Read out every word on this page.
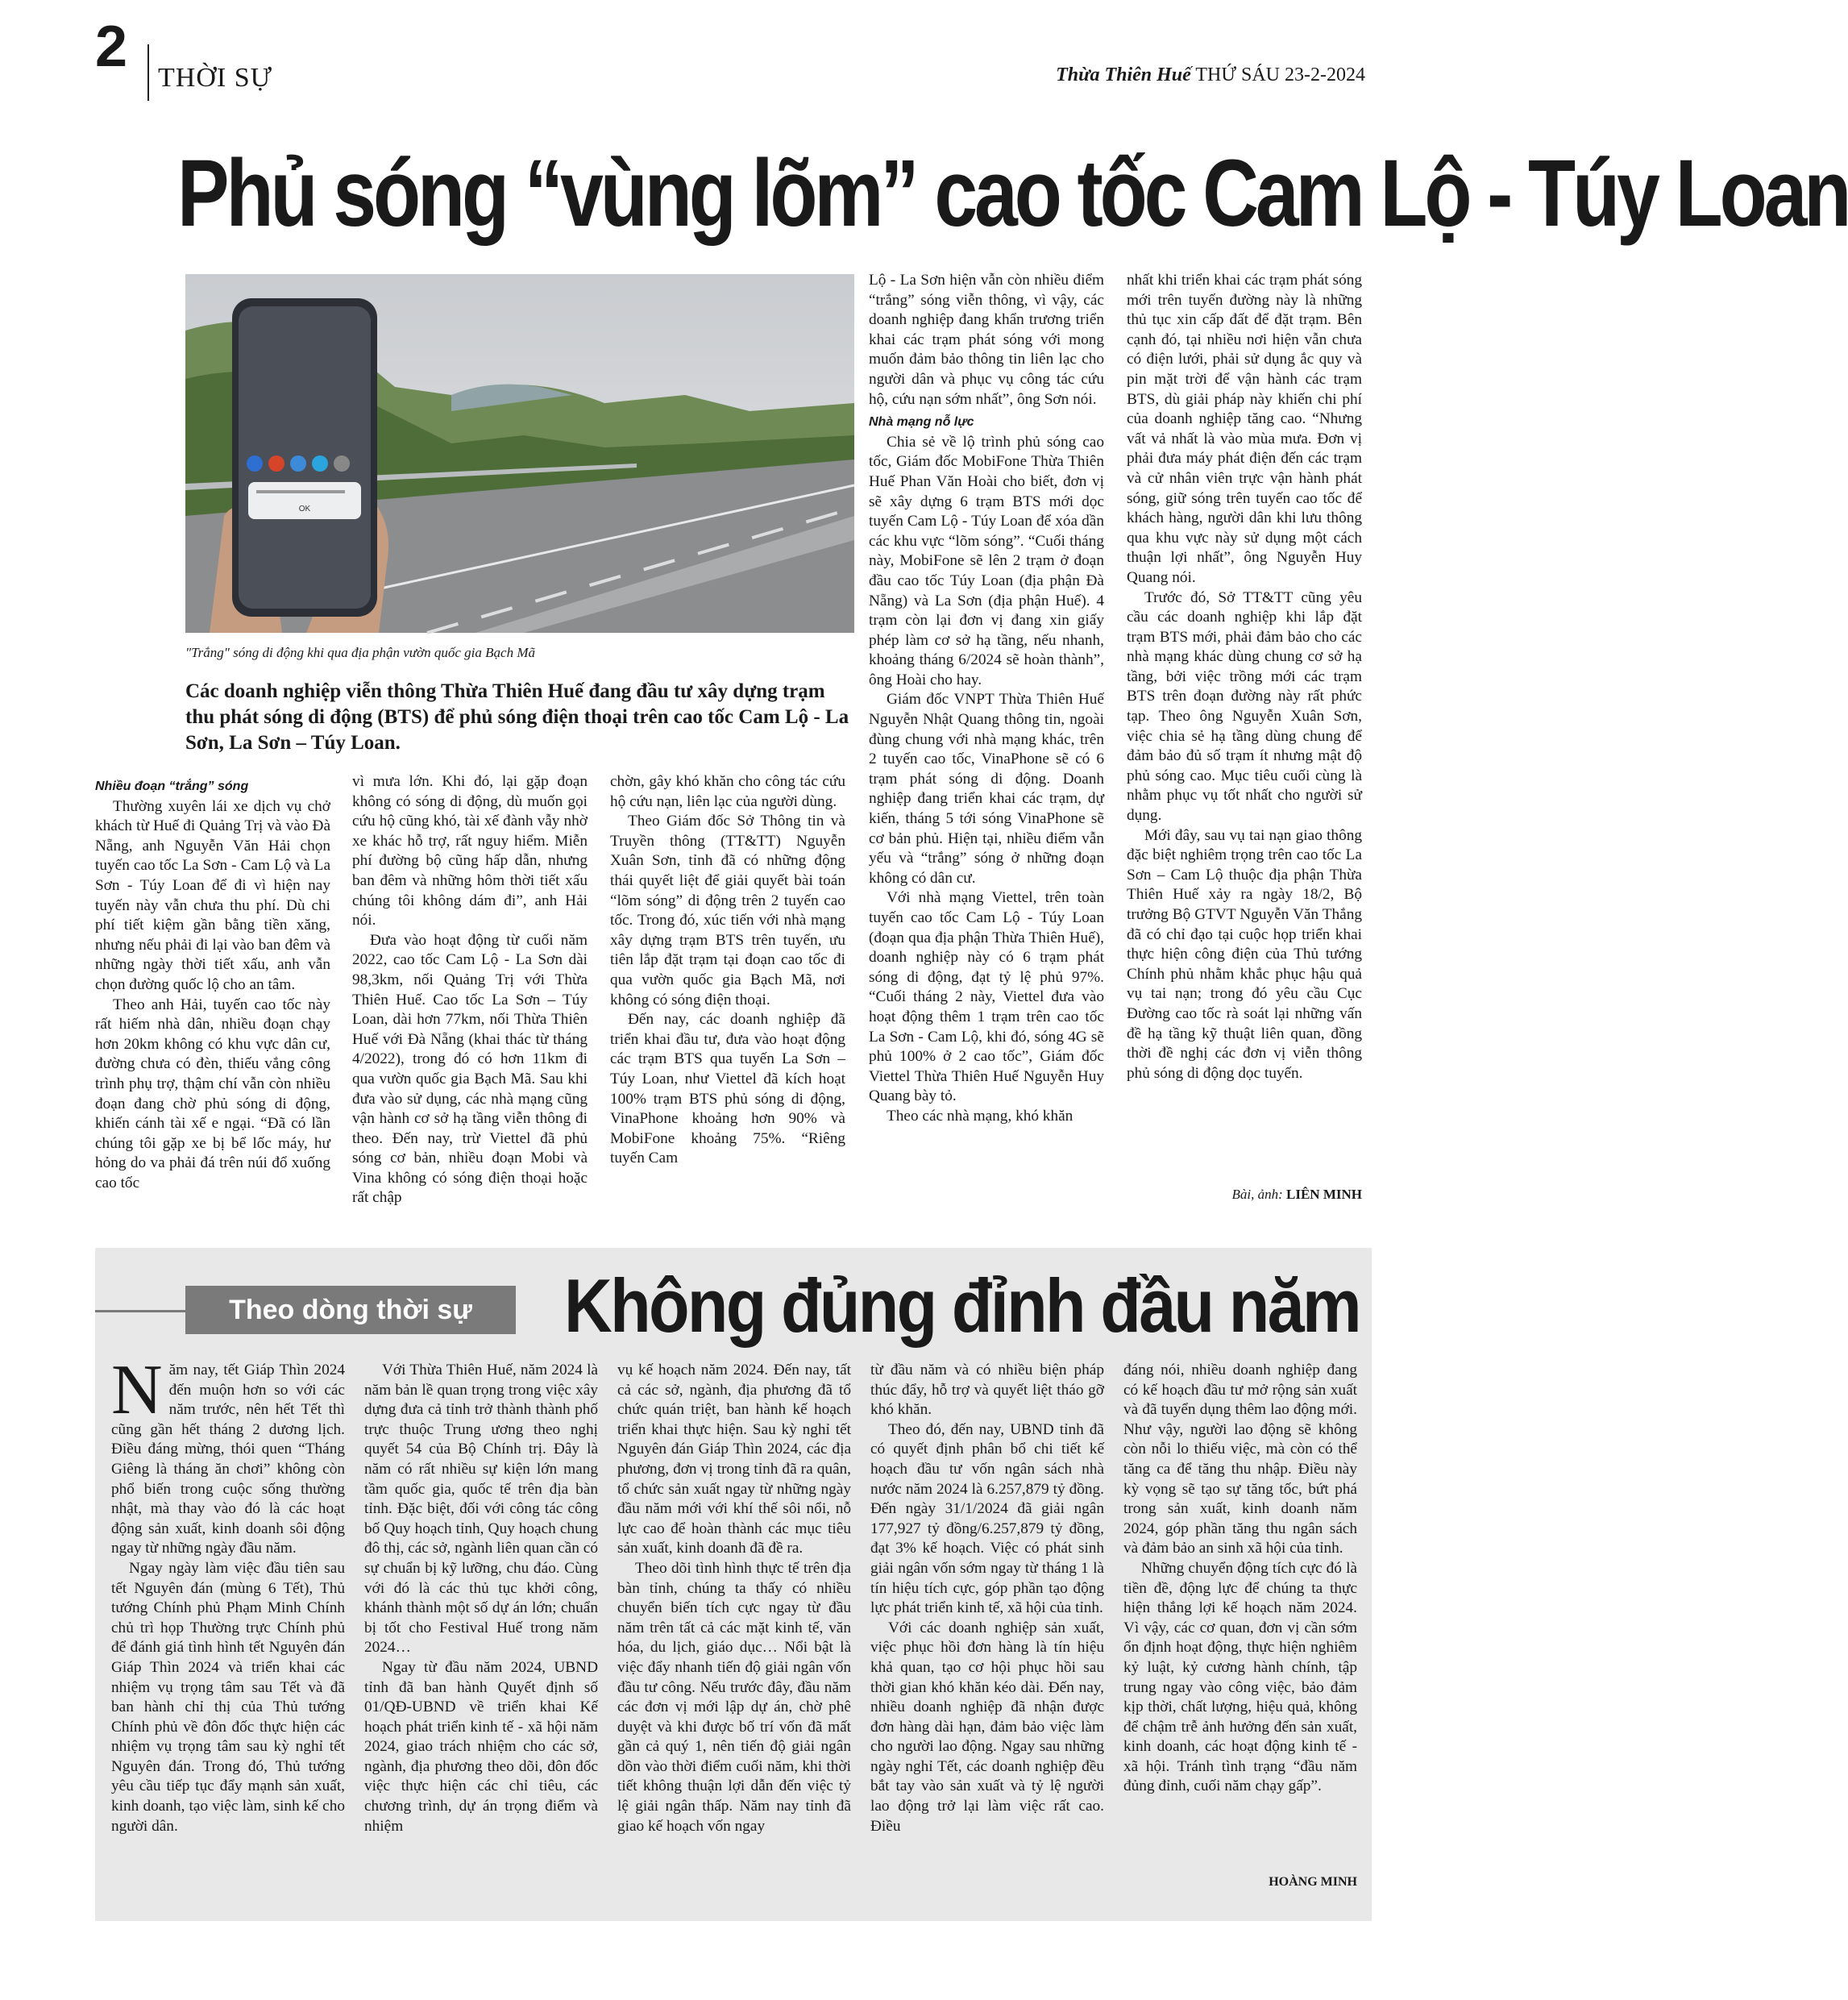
2 THỜI SỰ	Thừa Thiên Huế THỨ SÁU 23-2-2024
Phủ sóng “vùng lõm” cao tốc Cam Lộ - Túy Loan
OK
"Trắng" sóng di động khi qua địa phận vườn quốc gia Bạch Mã
Các doanh nghiệp viễn thông Thừa Thiên Huế đang đầu tư xây dựng trạm thu phát sóng di động (BTS) để phủ sóng điện thoại trên cao tốc Cam Lộ - La Sơn, La Sơn – Túy Loan.

Nhiều đoạn “trắng” sóng

Thường xuyên lái xe dịch vụ chở khách từ Huế đi Quảng Trị và vào Đà Nẵng, anh Nguyễn Văn Hải chọn tuyến cao tốc La Sơn - Cam Lộ và La Sơn - Túy Loan để đi vì hiện nay tuyến này vẫn chưa thu phí. Dù chi phí tiết kiệm gần bằng tiền xăng, nhưng nếu phải đi lại vào ban đêm và những ngày thời tiết xấu, anh vẫn chọn đường quốc lộ cho an tâm.

Theo anh Hải, tuyến cao tốc này rất hiếm nhà dân, nhiều đoạn chạy hơn 20km không có khu vực dân cư, đường chưa có đèn, thiếu vắng công trình phụ trợ, thậm chí vẫn còn nhiều đoạn đang chờ phủ sóng di động, khiến cánh tài xế e ngại. “Đã có lần chúng tôi gặp xe bị bể lốc máy, hư hỏng do va phải đá trên núi đổ xuống cao tốc

vì mưa lớn. Khi đó, lại gặp đoạn không có sóng di động, dù muốn gọi cứu hộ cũng khó, tài xế đành vẫy nhờ xe khác hỗ trợ, rất nguy hiểm. Miễn phí đường bộ cũng hấp dẫn, nhưng ban đêm và những hôm thời tiết xấu chúng tôi không dám đi”, anh Hải nói.

Đưa vào hoạt động từ cuối năm 2022, cao tốc Cam Lộ - La Sơn dài 98,3km, nối Quảng Trị với Thừa Thiên Huế. Cao tốc La Sơn – Túy Loan, dài hơn 77km, nối Thừa Thiên Huế với Đà Nẵng (khai thác từ tháng 4/2022), trong đó có hơn 11km đi qua vườn quốc gia Bạch Mã. Sau khi đưa vào sử dụng, các nhà mạng cũng vận hành cơ sở hạ tầng viễn thông đi theo. Đến nay, trừ Viettel đã phủ sóng cơ bản, nhiều đoạn Mobi và Vina không có sóng điện thoại hoặc rất chập

chờn, gây khó khăn cho công tác cứu hộ cứu nạn, liên lạc của người dùng.

Theo Giám đốc Sở Thông tin và Truyền thông (TT&TT) Nguyễn Xuân Sơn, tỉnh đã có những động thái quyết liệt để giải quyết bài toán “lõm sóng” di động trên 2 tuyến cao tốc. Trong đó, xúc tiến với nhà mạng xây dựng trạm BTS trên tuyến, ưu tiên lắp đặt trạm tại đoạn cao tốc đi qua vườn quốc gia Bạch Mã, nơi không có sóng điện thoại.

Đến nay, các doanh nghiệp đã triển khai đầu tư, đưa vào hoạt động các trạm BTS qua tuyến La Sơn – Túy Loan, như Viettel đã kích hoạt 100% trạm BTS phủ sóng di động, VinaPhone khoảng hơn 90% và MobiFone khoảng 75%. “Riêng tuyến Cam

Lộ - La Sơn hiện vẫn còn nhiều điểm “trắng” sóng viễn thông, vì vậy, các doanh nghiệp đang khẩn trương triển khai các trạm phát sóng với mong muốn đảm bảo thông tin liên lạc cho người dân và phục vụ công tác cứu hộ, cứu nạn sớm nhất”, ông Sơn nói.

Nhà mạng nỗ lực

Chia sẻ về lộ trình phủ sóng cao tốc, Giám đốc MobiFone Thừa Thiên Huế Phan Văn Hoài cho biết, đơn vị sẽ xây dựng 6 trạm BTS mới dọc tuyến Cam Lộ - Túy Loan để xóa dần các khu vực “lõm sóng”. “Cuối tháng này, MobiFone sẽ lên 2 trạm ở đoạn đầu cao tốc Túy Loan (địa phận Đà Nẵng) và La Sơn (địa phận Huế). 4 trạm còn lại đơn vị đang xin giấy phép làm cơ sở hạ tầng, nếu nhanh, khoảng tháng 6/2024 sẽ hoàn thành”, ông Hoài cho hay.

Giám đốc VNPT Thừa Thiên Huế Nguyễn Nhật Quang thông tin, ngoài đùng chung với nhà mạng khác, trên 2 tuyến cao tốc, VinaPhone sẽ có 6 trạm phát sóng di động. Doanh nghiệp đang triển khai các trạm, dự kiến, tháng 5 tới sóng VinaPhone sẽ cơ bản phủ. Hiện tại, nhiều điểm vẫn yếu và “trắng” sóng ở những đoạn không có dân cư.

Với nhà mạng Viettel, trên toàn tuyến cao tốc Cam Lộ - Túy Loan (đoạn qua địa phận Thừa Thiên Huế), doanh nghiệp này có 6 trạm phát sóng di động, đạt tỷ lệ phủ 97%. “Cuối tháng 2 này, Viettel đưa vào hoạt động thêm 1 trạm trên cao tốc La Sơn - Cam Lộ, khi đó, sóng 4G sẽ phủ 100% ở 2 cao tốc”, Giám đốc Viettel Thừa Thiên Huế Nguyễn Huy Quang bày tỏ.

Theo các nhà mạng, khó khăn

nhất khi triển khai các trạm phát sóng mới trên tuyến đường này là những thủ tục xin cấp đất để đặt trạm. Bên cạnh đó, tại nhiều nơi hiện vẫn chưa có điện lưới, phải sử dụng ắc quy và pin mặt trời để vận hành các trạm BTS, dù giải pháp này khiến chi phí của doanh nghiệp tăng cao. “Nhưng vất vả nhất là vào mùa mưa. Đơn vị phải đưa máy phát điện đến các trạm và cử nhân viên trực vận hành phát sóng, giữ sóng trên tuyến cao tốc để khách hàng, người dân khi lưu thông qua khu vực này sử dụng một cách thuận lợi nhất”, ông Nguyễn Huy Quang nói.

Trước đó, Sở TT&TT cũng yêu cầu các doanh nghiệp khi lắp đặt trạm BTS mới, phải đảm bảo cho các nhà mạng khác dùng chung cơ sở hạ tầng, bởi việc trồng mới các trạm BTS trên đoạn đường này rất phức tạp. Theo ông Nguyễn Xuân Sơn, việc chia sẻ hạ tầng dùng chung để đảm bảo đủ số trạm ít nhưng mật độ phủ sóng cao. Mục tiêu cuối cùng là nhằm phục vụ tốt nhất cho người sử dụng.

Mới đây, sau vụ tai nạn giao thông đặc biệt nghiêm trọng trên cao tốc La Sơn – Cam Lộ thuộc địa phận Thừa Thiên Huế xảy ra ngày 18/2, Bộ trưởng Bộ GTVT Nguyễn Văn Thắng đã có chỉ đạo tại cuộc họp triển khai thực hiện công điện của Thủ tướng Chính phủ nhằm khắc phục hậu quả vụ tai nạn; trong đó yêu cầu Cục Đường cao tốc rà soát lại những vấn đề hạ tầng kỹ thuật liên quan, đồng thời đề nghị các đơn vị viễn thông phủ sóng di động dọc tuyến.

Bài, ảnh: LIÊN MINH
Theo dòng thời sự	Không đủng đỉnh đầu năm

Năm nay, tết Giáp Thìn 2024 đến muộn hơn so với các năm trước, nên hết Tết thì cũng gần hết tháng 2 dương lịch. Điều đáng mừng, thói quen “Tháng Giêng là tháng ăn chơi” không còn phổ biến trong cuộc sống thường nhật, mà thay vào đó là các hoạt động sản xuất, kinh doanh sôi động ngay từ những ngày đầu năm.

Ngay ngày làm việc đầu tiên sau tết Nguyên đán (mùng 6 Tết), Thủ tướng Chính phủ Phạm Minh Chính chủ trì họp Thường trực Chính phủ để đánh giá tình hình tết Nguyên đán Giáp Thìn 2024 và triển khai các nhiệm vụ trọng tâm sau Tết và đã ban hành chỉ thị của Thủ tướng Chính phủ về đôn đốc thực hiện các nhiệm vụ trọng tâm sau kỳ nghỉ tết Nguyên đán. Trong đó, Thủ tướng yêu cầu tiếp tục đẩy mạnh sản xuất, kinh doanh, tạo việc làm, sinh kế cho người dân.

Với Thừa Thiên Huế, năm 2024 là năm bản lề quan trọng trong việc xây dựng đưa cả tỉnh trở thành thành phố trực thuộc Trung ương theo nghị quyết 54 của Bộ Chính trị. Đây là năm có rất nhiều sự kiện lớn mang tầm quốc gia, quốc tế trên địa bàn tỉnh. Đặc biệt, đối với công tác công bố Quy hoạch tỉnh, Quy hoạch chung đô thị, các sở, ngành liên quan cần có sự chuẩn bị kỹ lưỡng, chu đáo. Cùng với đó là các thủ tục khởi công, khánh thành một số dự án lớn; chuẩn bị tốt cho Festival Huế trong năm 2024…

Ngay từ đầu năm 2024, UBND tỉnh đã ban hành Quyết định số 01/QĐ-UBND về triển khai Kế hoạch phát triển kinh tế - xã hội năm 2024, giao trách nhiệm cho các sở, ngành, địa phương theo dõi, đôn đốc việc thực hiện các chỉ tiêu, các chương trình, dự án trọng điểm và nhiệm

vụ kế hoạch năm 2024. Đến nay, tất cả các sở, ngành, địa phương đã tổ chức quán triệt, ban hành kế hoạch triển khai thực hiện. Sau kỳ nghỉ tết Nguyên đán Giáp Thìn 2024, các địa phương, đơn vị trong tỉnh đã ra quân, tổ chức sản xuất ngay từ những ngày đầu năm mới với khí thế sôi nổi, nỗ lực cao để hoàn thành các mục tiêu sản xuất, kinh doanh đã đề ra.

Theo dõi tình hình thực tế trên địa bàn tỉnh, chúng ta thấy có nhiều chuyển biến tích cực ngay từ đầu năm trên tất cả các mặt kinh tế, văn hóa, du lịch, giáo dục… Nổi bật là việc đẩy nhanh tiến độ giải ngân vốn đầu tư công. Nếu trước đây, đầu năm các đơn vị mới lập dự án, chờ phê duyệt và khi được bố trí vốn đã mất gần cả quý 1, nên tiến độ giải ngân dồn vào thời điểm cuối năm, khi thời tiết không thuận lợi dẫn đến việc tỷ lệ giải ngân thấp. Năm nay tỉnh đã giao kế hoạch vốn ngay

từ đầu năm và có nhiều biện pháp thúc đẩy, hỗ trợ và quyết liệt tháo gỡ khó khăn.

Theo đó, đến nay, UBND tỉnh đã có quyết định phân bổ chi tiết kế hoạch đầu tư vốn ngân sách nhà nước năm 2024 là 6.257,879 tỷ đồng. Đến ngày 31/1/2024 đã giải ngân 177,927 tỷ đồng/6.257,879 tỷ đồng, đạt 3% kế hoạch. Việc có phát sinh giải ngân vốn sớm ngay từ tháng 1 là tín hiệu tích cực, góp phần tạo động lực phát triển kinh tế, xã hội của tỉnh.

Với các doanh nghiệp sản xuất, việc phục hồi đơn hàng là tín hiệu khả quan, tạo cơ hội phục hồi sau thời gian khó khăn kéo dài. Đến nay, nhiều doanh nghiệp đã nhận được đơn hàng dài hạn, đảm bảo việc làm cho người lao động. Ngay sau những ngày nghỉ Tết, các doanh nghiệp đều bắt tay vào sản xuất và tỷ lệ người lao động trở lại làm việc rất cao. Điều

đáng nói, nhiều doanh nghiệp đang có kế hoạch đầu tư mở rộng sản xuất và đã tuyển dụng thêm lao động mới. Như vậy, người lao động sẽ không còn nỗi lo thiếu việc, mà còn có thể tăng ca để tăng thu nhập. Điều này kỳ vọng sẽ tạo sự tăng tốc, bứt phá trong sản xuất, kinh doanh năm 2024, góp phần tăng thu ngân sách và đảm bảo an sinh xã hội của tỉnh.

Những chuyển động tích cực đó là tiền đề, động lực để chúng ta thực hiện thắng lợi kế hoạch năm 2024. Vì vậy, các cơ quan, đơn vị cần sớm ổn định hoạt động, thực hiện nghiêm kỷ luật, kỷ cương hành chính, tập trung ngay vào công việc, bảo đảm kịp thời, chất lượng, hiệu quả, không để chậm trễ ảnh hưởng đến sản xuất, kinh doanh, các hoạt động kinh tế - xã hội. Tránh tình trạng “đầu năm đủng đỉnh, cuối năm chạy gấp”.

HOÀNG MINH
